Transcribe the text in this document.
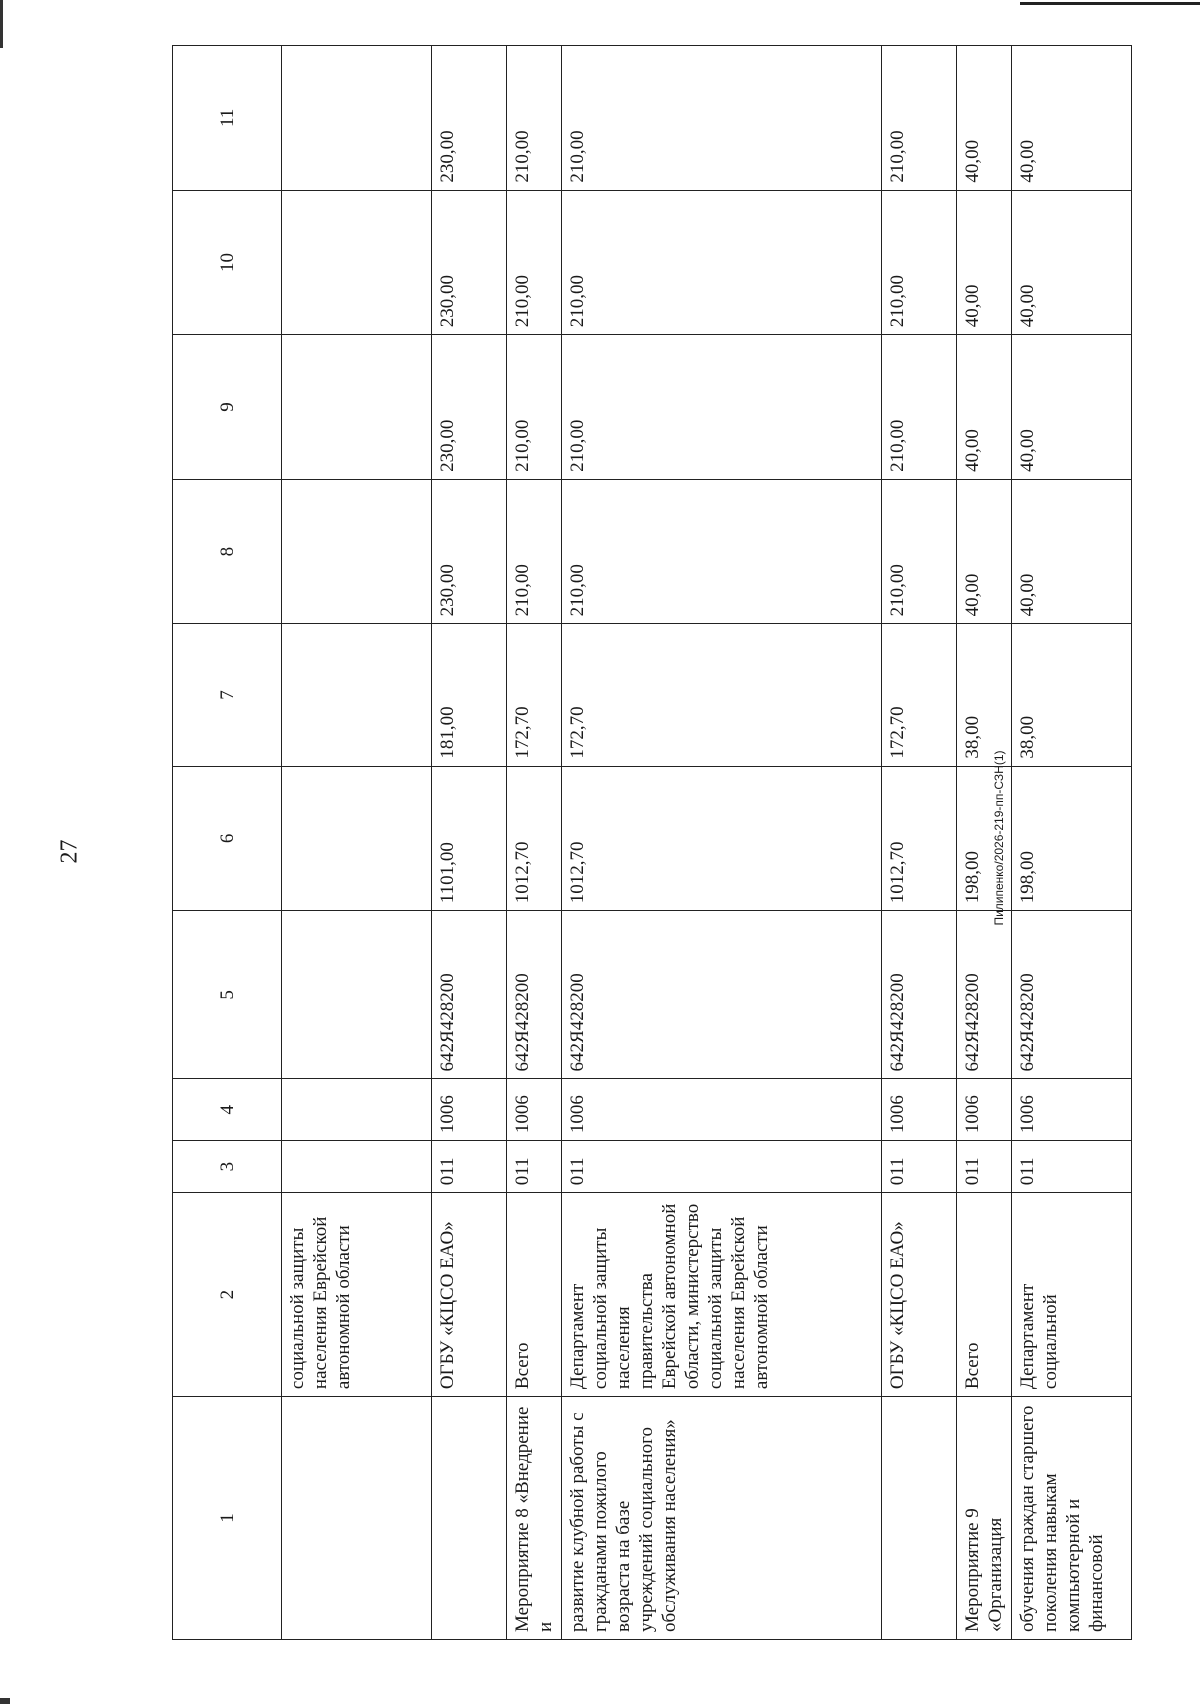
27	Пилипенко/2026-219-пп-СЗН(1)
1	2	3	4	5	6	7	8	9	10	11
	социальной защиты населения Еврейской автономной области									
	ОГБУ «КЦСО ЕАО»	011	1006	642Я428200	1101,00	181,00	230,00	230,00	230,00	230,00
Мероприятие 8 «Внедрение и	Всего	011	1006	642Я428200	1012,70	172,70	210,00	210,00	210,00	210,00
развитие клубной работы с гражданами пожилого возраста на базе учреждений социального обслуживания населения»	Департамент социальной защиты населения правительства Еврейской автономной области, министерство социальной защиты населения Еврейской автономной области	011	1006	642Я428200	1012,70	172,70	210,00	210,00	210,00	210,00
	ОГБУ «КЦСО ЕАО»	011	1006	642Я428200	1012,70	172,70	210,00	210,00	210,00	210,00
Мероприятие 9 «Организация	Всего	011	1006	642Я428200	198,00	38,00	40,00	40,00	40,00	40,00
обучения граждан старшего поколения навыкам компьютерной и финансовой	Департамент социальной	011	1006	642Я428200	198,00	38,00	40,00	40,00	40,00	40,00
